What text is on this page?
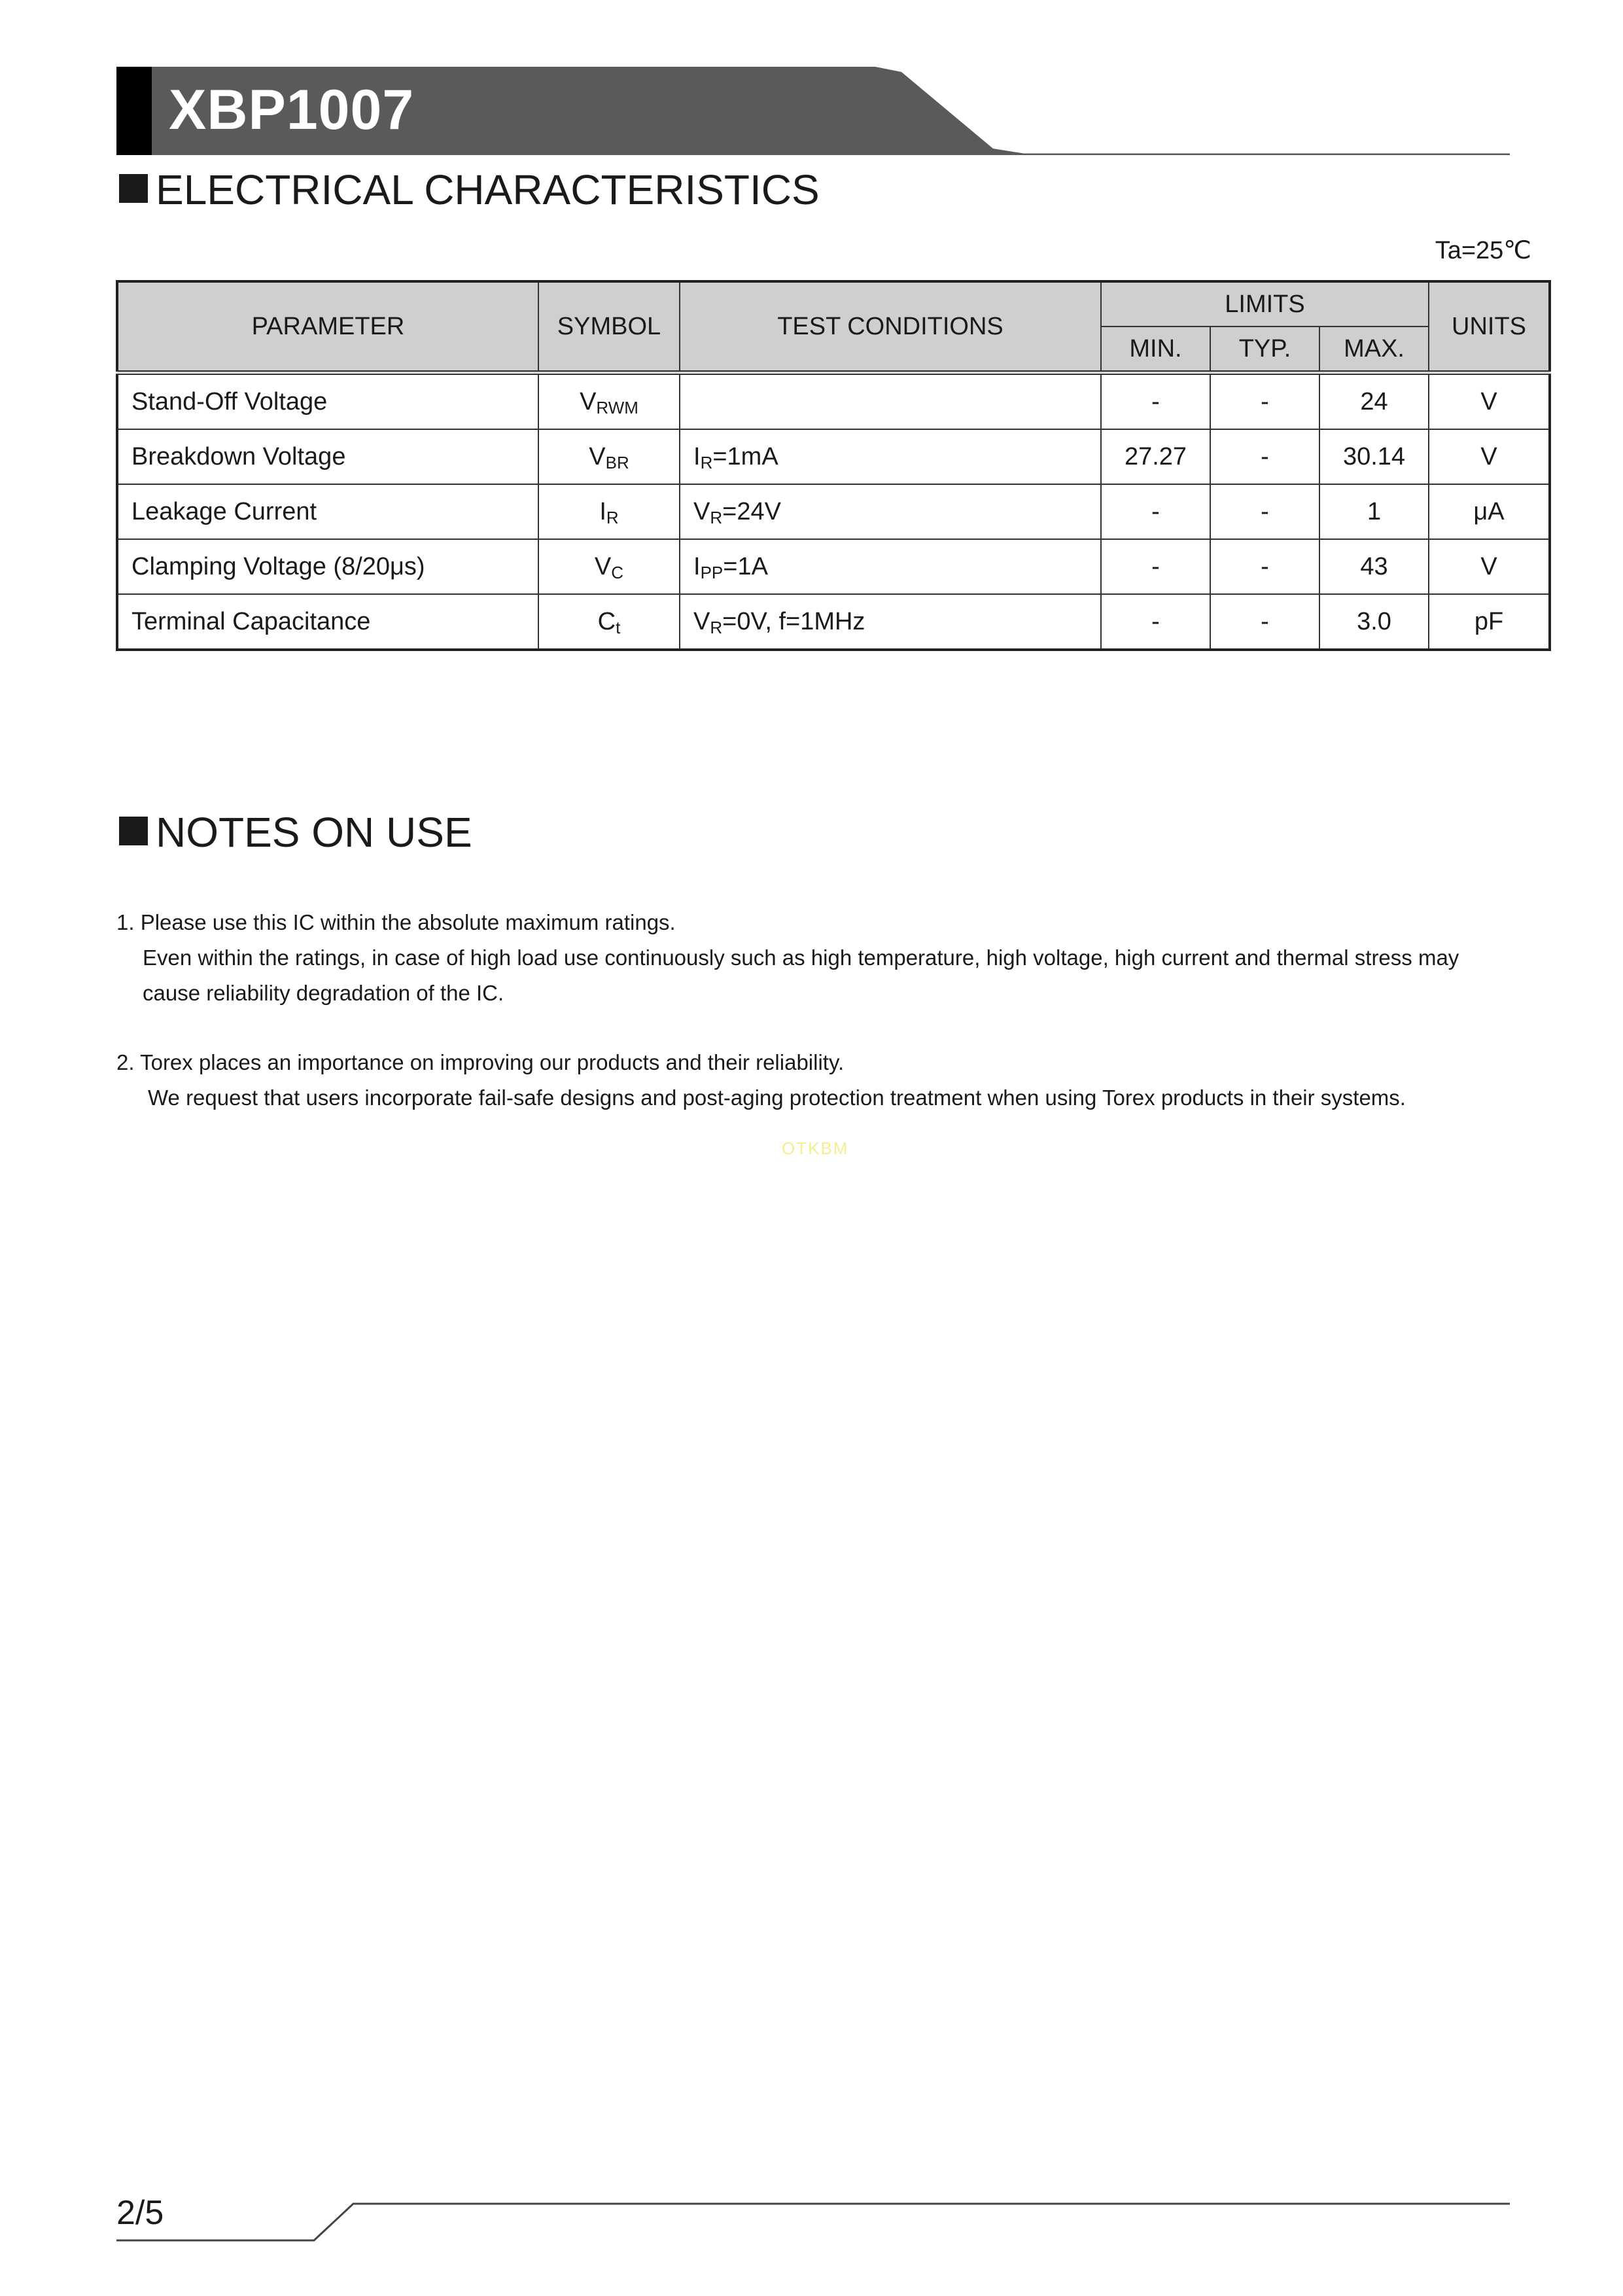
XBP1007
ELECTRICAL CHARACTERISTICS
Ta=25℃
PARAMETER	SYMBOL	TEST CONDITIONS	LIMITS			UNITS
			MIN.	TYP.	MAX.	
Stand-Off Voltage	$V_{RWM}$		-	-	24	V
Breakdown Voltage	$V_{BR}$	$I_R=1mA$	27.27	-	30.14	V
Leakage Current	$I_R$	$V_R=24V$	-	-	1	μA
Clamping Voltage (8/20μs)	$V_C$	$I_{PP}=1A$	-	-	43	V
Terminal Capacitance	$C_t$	$V_R=0V$, f=1MHz	-	-	3.0	pF
NOTES ON USE
1. Please use this IC within the absolute maximum ratings.
Even within the ratings, in case of high load use continuously such as high temperature, high voltage, high current and thermal stress may
cause reliability degradation of the IC.
2. Torex places an importance on improving our products and their reliability.
We request that users incorporate fail-safe designs and post-aging protection treatment when using Torex products in their systems.
OTKBM
2/5
